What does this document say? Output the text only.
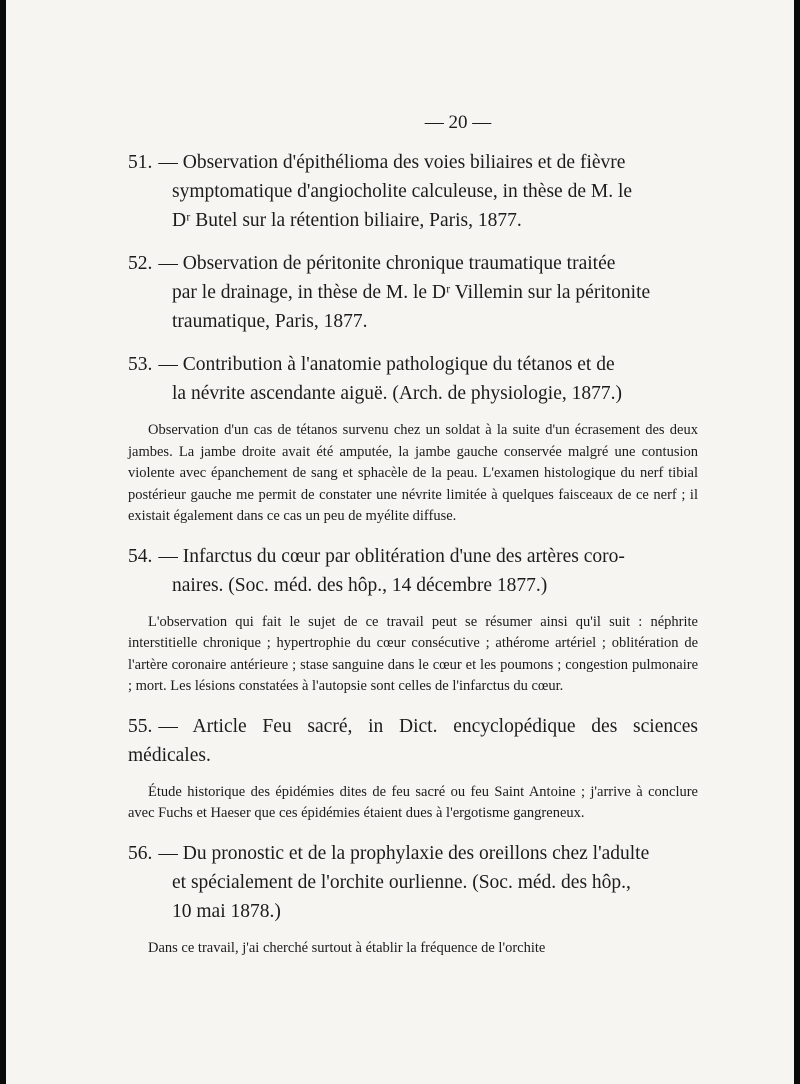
— 20 —
51. — Observation d'épithélioma des voies biliaires et de fièvre
symptomatique d'angiocholite calculeuse, in thèse de M. le
Dʳ Butel sur la rétention biliaire, Paris, 1877.
52. — Observation de péritonite chronique traumatique traitée
par le drainage, in thèse de M. le Dʳ Villemin sur la péritonite
traumatique, Paris, 1877.
53. — Contribution à l'anatomie pathologique du tétanos et de
la névrite ascendante aiguë. (Arch. de physiologie, 1877.)

Observation d'un cas de tétanos survenu chez un soldat à la suite d'un écrasement des deux jambes. La jambe droite avait été amputée, la jambe gauche conservée malgré une contusion violente avec épanchement de sang et sphacèle de la peau. L'examen histologique du nerf tibial postérieur gauche me permit de constater une névrite limitée à quelques faisceaux de ce nerf ; il existait également dans ce cas un peu de myélite diffuse.

54. — Infarctus du cœur par oblitération d'une des artères coro-
naires. (Soc. méd. des hôp., 14 décembre 1877.)

L'observation qui fait le sujet de ce travail peut se résumer ainsi qu'il suit : néphrite interstitielle chronique ; hypertrophie du cœur consécutive ; athérome artériel ; oblitération de l'artère coronaire antérieure ; stase sanguine dans le cœur et les poumons ; congestion pulmonaire ; mort. Les lésions constatées à l'autopsie sont celles de l'infarctus du cœur.

55. — Article Feu sacré, in Dict. encyclopédique des sciences médicales.

Étude historique des épidémies dites de feu sacré ou feu Saint Antoine ; j'arrive à conclure avec Fuchs et Haeser que ces épidémies étaient dues à l'ergotisme gangreneux.

56. — Du pronostic et de la prophylaxie des oreillons chez l'adulte
et spécialement de l'orchite ourlienne. (Soc. méd. des hôp.,
10 mai 1878.)

Dans ce travail, j'ai cherché surtout à établir la fréquence de l'orchite
